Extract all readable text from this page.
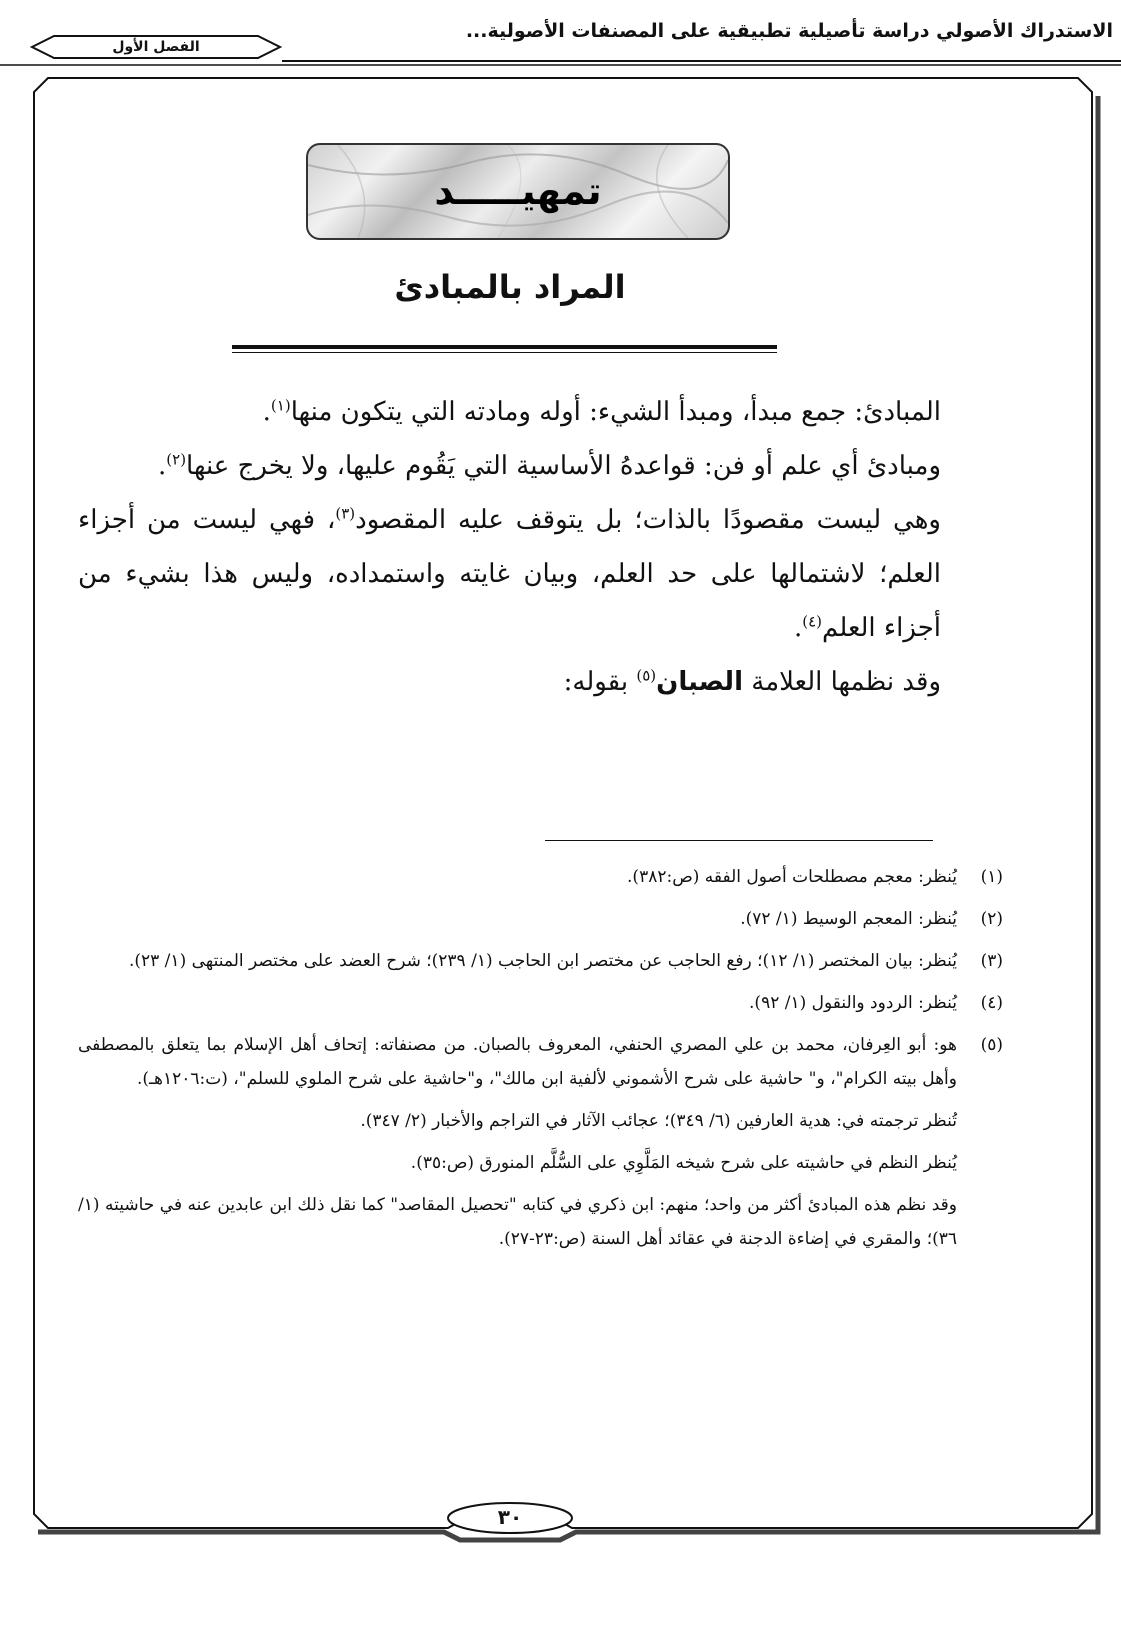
الاستدراك الأصولي دراسة تأصيلية تطبيقية على المصنفات الأصولية...
الفصل الأول
تمهيـــــد
المراد بالمبادئ

المبادئ: جمع مبدأ، ومبدأ الشيء: أوله ومادته التي يتكون منها$^{(١)}$.

ومبادئ أي علم أو فن: قواعدهُ الأساسية التي يَقُوم عليها، ولا يخرج عنها$^{(٢)}$.

وهي ليست مقصودًا بالذات؛ بل يتوقف عليه المقصود$^{(٣)}$، فهي ليست من أجزاء العلم؛ لاشتمالها على حد العلم، وبيان غايته واستمداده، وليس هذا بشيء من أجزاء العلم$^{(٤)}$.

وقد نظمها العلامة الصبان$^{(٥)}$ بقوله:

(١)
يُنظر: معجم مصطلحات أصول الفقه (ص:٣٨٢).
(٢)
يُنظر: المعجم الوسيط (١/ ٧٢).
(٣)
يُنظر: بيان المختصر (١/ ١٢)؛ رفع الحاجب عن مختصر ابن الحاجب (١/ ٢٣٩)؛ شرح العضد على مختصر المنتهى (١/ ٢٣).
(٤)
يُنظر: الردود والنقول (١/ ٩٢).
(٥)
هو: أبو العِرفان، محمد بن علي المصري الحنفي، المعروف بالصبان. من مصنفاته: إتحاف أهل الإسلام بما يتعلق بالمصطفى وأهل بيته الكرام"، و" حاشية على شرح الأشموني لألفية ابن مالك"، و"حاشية على شرح الملوي للسلم"، (ت:١٢٠٦هـ).
تُنظر ترجمته في: هدية العارفين (٦/ ٣٤٩)؛ عجائب الآثار في التراجم والأخبار (٢/ ٣٤٧).
يُنظر النظم في حاشيته على شرح شيخه المَلَّوِي على السُّلَّم المنورق (ص:٣٥).
وقد نظم هذه المبادئ أكثر من واحد؛ منهم: ابن ذكري في كتابه "تحصيل المقاصد" كما نقل ذلك ابن عابدين عنه في حاشيته (١/ ٣٦)؛ والمقري في إضاءة الدجنة في عقائد أهل السنة (ص:٢٣-٢٧).
٣٠
